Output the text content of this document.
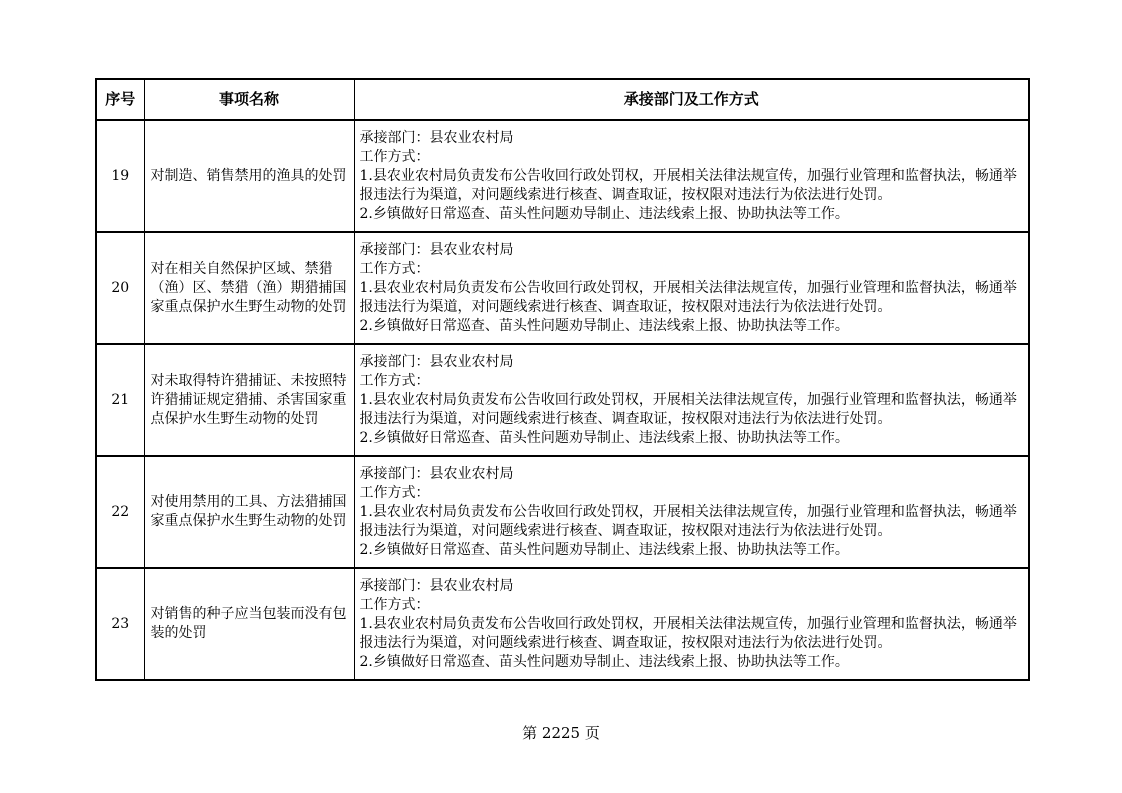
序号	事项名称	承接部门及工作方式
19	对制造、销售禁用的渔具的处罚	承接部门：县农业农村局
工作方式：
1.县农业农村局负责发布公告收回行政处罚权，开展相关法律法规宣传，加强行业管理和监督执法，畅通举报违法行为渠道，对问题线索进行核查、调查取证，按权限对违法行为依法进行处罚。
2.乡镇做好日常巡查、苗头性问题劝导制止、违法线索上报、协助执法等工作。

20	对在相关自然保护区域、禁猎（渔）区、禁猎（渔）期猎捕国家重点保护水生野生动物的处罚	承接部门：县农业农村局
工作方式：
1.县农业农村局负责发布公告收回行政处罚权，开展相关法律法规宣传，加强行业管理和监督执法，畅通举报违法行为渠道，对问题线索进行核查、调查取证，按权限对违法行为依法进行处罚。
2.乡镇做好日常巡查、苗头性问题劝导制止、违法线索上报、协助执法等工作。

21	对未取得特许猎捕证、未按照特许猎捕证规定猎捕、杀害国家重点保护水生野生动物的处罚	承接部门：县农业农村局
工作方式：
1.县农业农村局负责发布公告收回行政处罚权，开展相关法律法规宣传，加强行业管理和监督执法，畅通举报违法行为渠道，对问题线索进行核查、调查取证，按权限对违法行为依法进行处罚。
2.乡镇做好日常巡查、苗头性问题劝导制止、违法线索上报、协助执法等工作。

22	对使用禁用的工具、方法猎捕国家重点保护水生野生动物的处罚	承接部门：县农业农村局
工作方式：
1.县农业农村局负责发布公告收回行政处罚权，开展相关法律法规宣传，加强行业管理和监督执法，畅通举报违法行为渠道，对问题线索进行核查、调查取证，按权限对违法行为依法进行处罚。
2.乡镇做好日常巡查、苗头性问题劝导制止、违法线索上报、协助执法等工作。

23	对销售的种子应当包装而没有包装的处罚	承接部门：县农业农村局
工作方式：
1.县农业农村局负责发布公告收回行政处罚权，开展相关法律法规宣传，加强行业管理和监督执法，畅通举报违法行为渠道，对问题线索进行核查、调查取证，按权限对违法行为依法进行处罚。
2.乡镇做好日常巡查、苗头性问题劝导制止、违法线索上报、协助执法等工作。
第 2225 页
